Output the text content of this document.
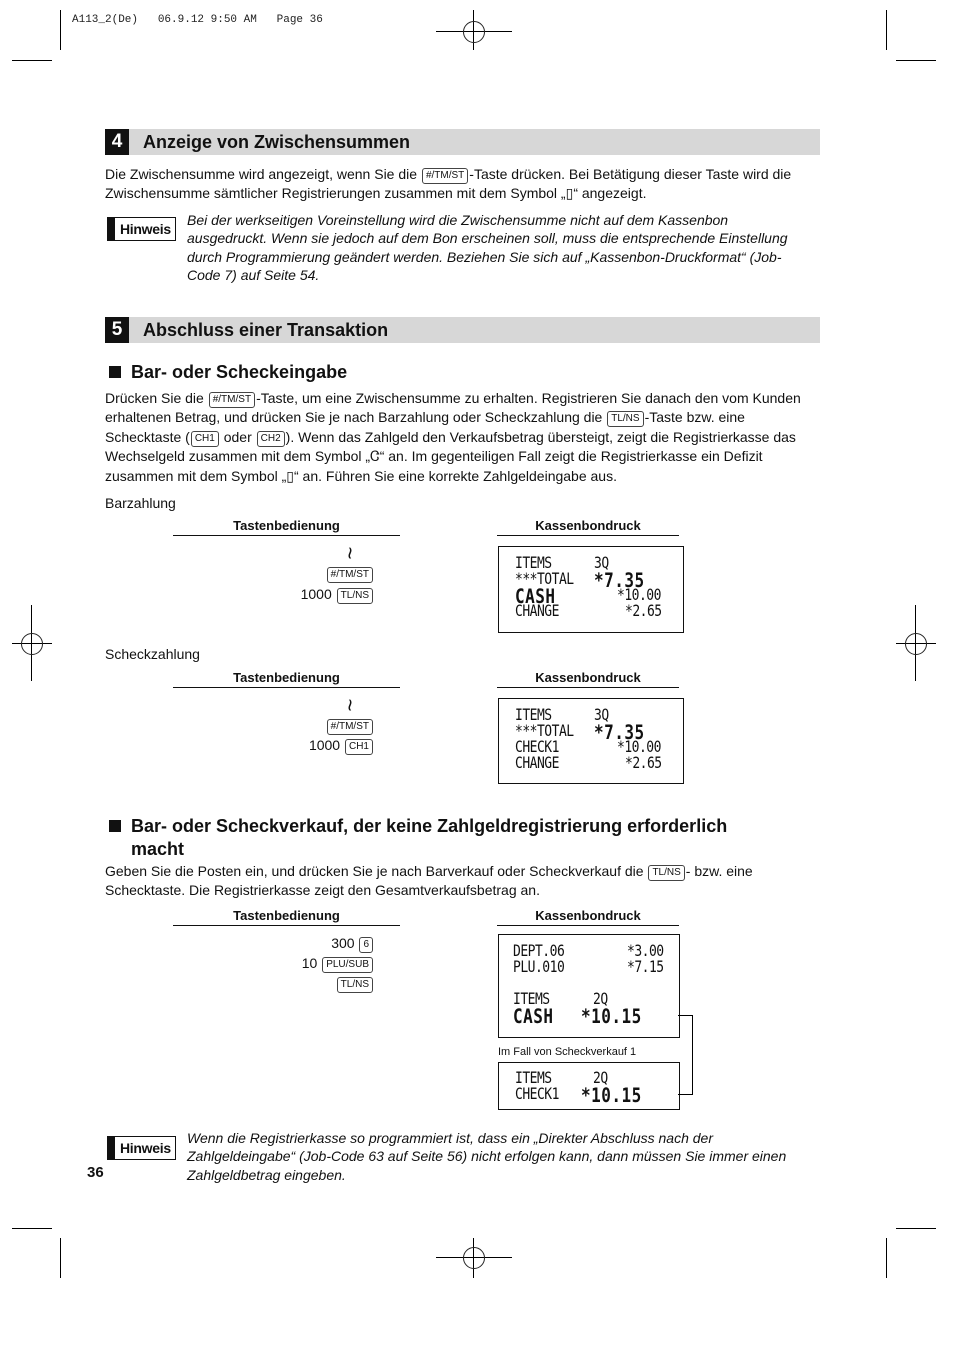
A113_2(De)   06.9.12 9:50 AM   Page 36
4	Anzeige von Zwischensummen
Die Zwischensumme wird angezeigt, wenn Sie die #/TM/ST -Taste drücken. Bei Betätigung dieser Taste wird die
Zwischensumme sämtlicher Registrierungen zusammen mit dem Symbol „▯“ angezeigt.
Hinweis
Bei der werkseitigen Voreinstellung wird die Zwischensumme nicht auf dem Kassenbon
ausgedruckt. Wenn sie jedoch auf dem Bon erscheinen soll, muss die entsprechende Einstellung
durch Programmierung geändert werden. Beziehen Sie sich auf „Kassenbon-Druckformat“ (Job-
Code 7) auf Seite 54.
5	Abschluss einer Transaktion
Bar- oder Scheckeingabe
Drücken Sie die #/TM/ST -Taste, um eine Zwischensumme zu erhalten. Registrieren Sie danach den vom Kunden
erhaltenen Betrag, und drücken Sie je nach Barzahlung oder Scheckzahlung die TL/NS -Taste bzw. eine
Schecktaste ( CH1 oder CH2 ). Wenn das Zahlgeld den Verkaufsbetrag übersteigt, zeigt die Registrierkasse das
Wechselgeld zusammen mit dem Symbol „Ꮳ“ an. Im gegenteiligen Fall zeigt die Registrierkasse ein Defizit
zusammen mit dem Symbol „▯“ an. Führen Sie eine korrekte Zahlgeldeingabe aus.
Barzahlung
Tastenbedienung	Kassenbondruck
~
#/TM/ST
1000 TL/NS
ITEMS	3Q
***TOTAL *7.35
CASH	*10.00
CHANGE	*2.65
Scheckzahlung
Tastenbedienung	Kassenbondruck
~
#/TM/ST
1000 CH1
ITEMS	3Q
***TOTAL *7.35
CHECK1	*10.00
CHANGE	*2.65
Bar- oder Scheckverkauf, der keine Zahlgeldregistrierung erforderlich
macht
Geben Sie die Posten ein, und drücken Sie je nach Barverkauf oder Scheckverkauf die TL/NS - bzw. eine
Schecktaste. Die Registrierkasse zeigt den Gesamtverkaufsbetrag an.
Tastenbedienung	Kassenbondruck
300 6
10 PLU/SUB
TL/NS
DEPT.06	*3.00
PLU.010	*7.15
ITEMS	2Q
CASH *10.15
Im Fall von Scheckverkauf 1
ITEMS	2Q
CHECK1 *10.15
Hinweis
Wenn die Registrierkasse so programmiert ist, dass ein „Direkter Abschluss nach der
Zahlgeldeingabe“ (Job-Code 63 auf Seite 56) nicht erfolgen kann, dann müssen Sie immer einen
Zahlgeldbetrag eingeben.
36
